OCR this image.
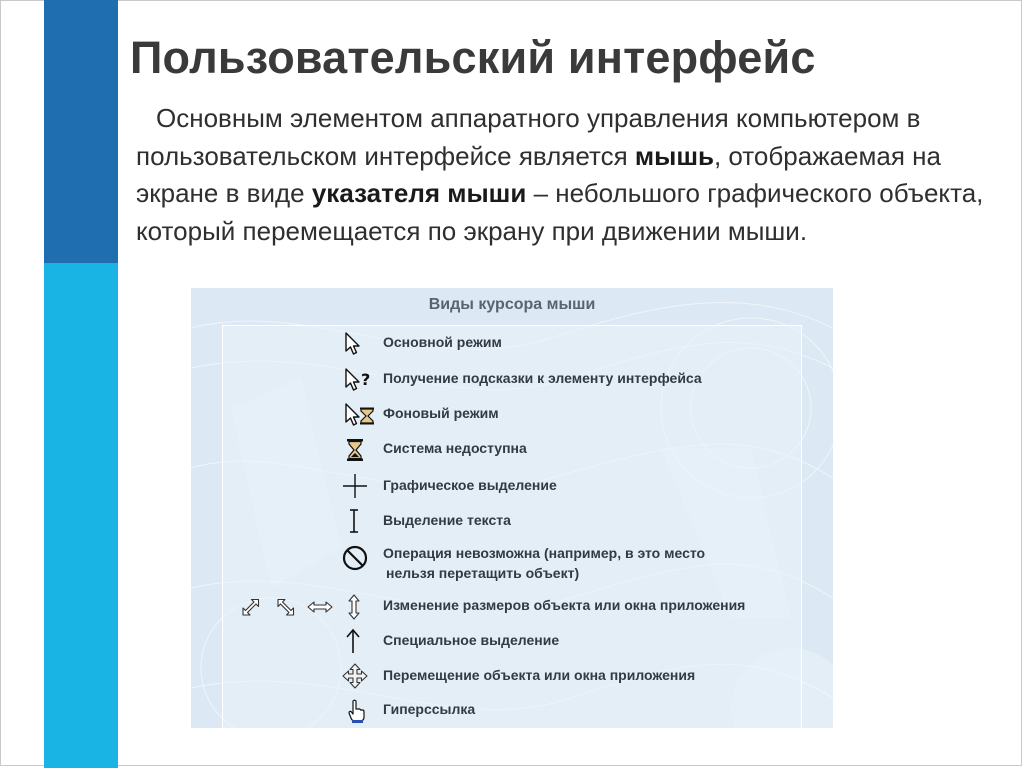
Пользовательский интерфейс

Основным элементом аппаратного управления компьютером в пользовательском интерфейсе является мышь, отображаемая на экране в виде указателя мыши – небольшого графического объекта, который перемещается по экрану при движении мыши.

Виды курсора мыши
Основной режим
? Получение подсказки к элементу интерфейса
Фоновый режим
Система недоступна
Графическое выделение
Выделение текста
Операция невозможна (например, в это место
нельзя перетащить объект)
Изменение размеров объекта или окна приложения
Специальное выделение
Перемещение объекта или окна приложения
Гиперссылка
